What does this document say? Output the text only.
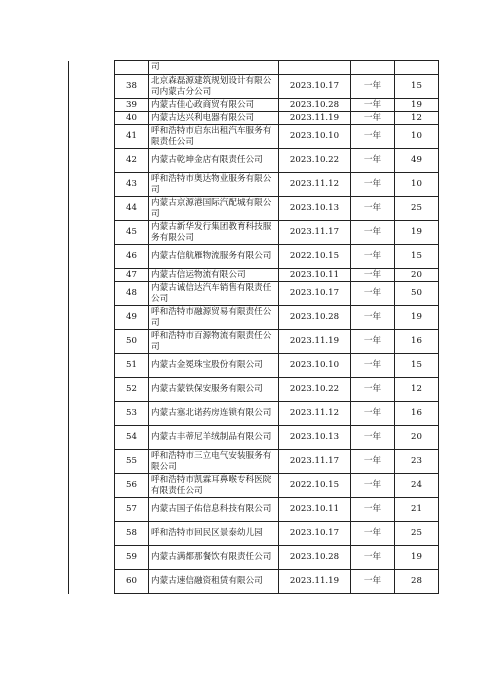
		司			
	38	北京森磊源建筑规划设计有限公司内蒙古分公司	2023.10.17	一年	15
	39	内蒙古佳心政商贸有限公司	2023.10.28	一年	19
	40	内蒙古达兴利电器有限公司	2023.11.19	一年	12
	41	呼和浩特市启东出租汽车服务有限责任公司	2023.10.10	一年	10
	42	内蒙古乾坤金店有限责任公司	2023.10.22	一年	49
	43	呼和浩特市奥达物业服务有限公司	2023.11.12	一年	10
	44	内蒙古京源港国际汽配城有限公司	2023.10.13	一年	25
	45	内蒙古新华发行集团教育科技服务有限公司	2023.11.17	一年	19
	46	内蒙古信航雁物流服务有限公司	2022.10.15	一年	15
	47	内蒙古信运物流有限公司	2023.10.11	一年	20
	48	内蒙古诚信达汽车销售有限责任公司	2023.10.17	一年	50
	49	呼和浩特市融源贸易有限责任公司	2023.10.28	一年	19
	50	呼和浩特市百源物流有限责任公司	2023.11.19	一年	16
	51	内蒙古金冕珠宝股份有限公司	2023.10.10	一年	15
	52	内蒙古蒙铁保安服务有限公司	2023.10.22	一年	12
	53	内蒙古塞北诺药房连锁有限公司	2023.11.12	一年	16
	54	内蒙古丰蒂尼羊绒制品有限公司	2023.10.13	一年	20
	55	呼和浩特市三立电气安装服务有限公司	2023.11.17	一年	23
	56	呼和浩特市凯霖耳鼻喉专科医院有限责任公司	2022.10.15	一年	24
	57	内蒙古国子佑信息科技有限公司	2023.10.11	一年	21
	58	呼和浩特市回民区景泰幼儿园	2023.10.17	一年	25
	59	内蒙古满都那餐饮有限责任公司	2023.10.28	一年	19
	60	内蒙古速信融资租赁有限公司	2023.11.19	一年	28
